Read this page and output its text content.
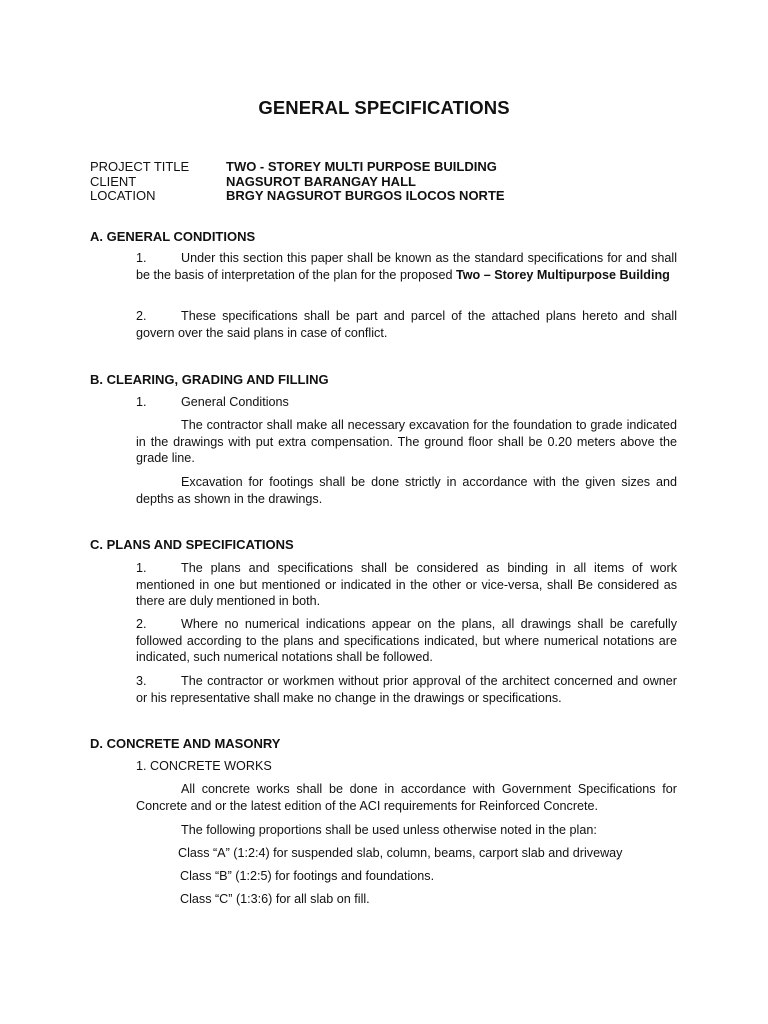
GENERAL SPECIFICATIONS
PROJECT TITLE	TWO - STOREY MULTI PURPOSE BUILDING
CLIENT	NAGSUROT BARANGAY HALL
LOCATION	BRGY NAGSUROT BURGOS ILOCOS NORTE
A. GENERAL CONDITIONS

1.	Under this section this paper shall be known as the standard specifications for and shall be the basis of interpretation of the plan for the proposed Two – Storey Multipurpose Building

2.	These specifications shall be part and parcel of the attached plans hereto and shall govern over the said plans in case of conflict.

B. CLEARING, GRADING AND FILLING

1.	General Conditions

The contractor shall make all necessary excavation for the foundation to grade indicated in the drawings with put extra compensation. The ground floor shall be 0.20 meters above the grade line.

Excavation for footings shall be done strictly in accordance with the given sizes and depths as shown in the drawings.

C. PLANS AND SPECIFICATIONS

1.	The plans and specifications shall be considered as binding in all items of work mentioned in one but mentioned or indicated in the other or vice-versa, shall Be considered as there are duly mentioned in both.

2.	Where no numerical indications appear on the plans, all drawings shall be carefully followed according to the plans and specifications indicated, but where numerical notations are indicated, such numerical notations shall be followed.

3.	The contractor or workmen without prior approval of the architect concerned and owner or his representative shall make no change in the drawings or specifications.

D. CONCRETE AND MASONRY

1. CONCRETE WORKS

All concrete works shall be done in accordance with Government Specifications for Concrete and or the latest edition of the ACI requirements for Reinforced Concrete.

The following proportions shall be used unless otherwise noted in the plan:

Class “A” (1:2:4) for suspended slab, column, beams, carport slab and driveway

Class “B” (1:2:5) for footings and foundations.

Class “C” (1:3:6) for all slab on fill.
